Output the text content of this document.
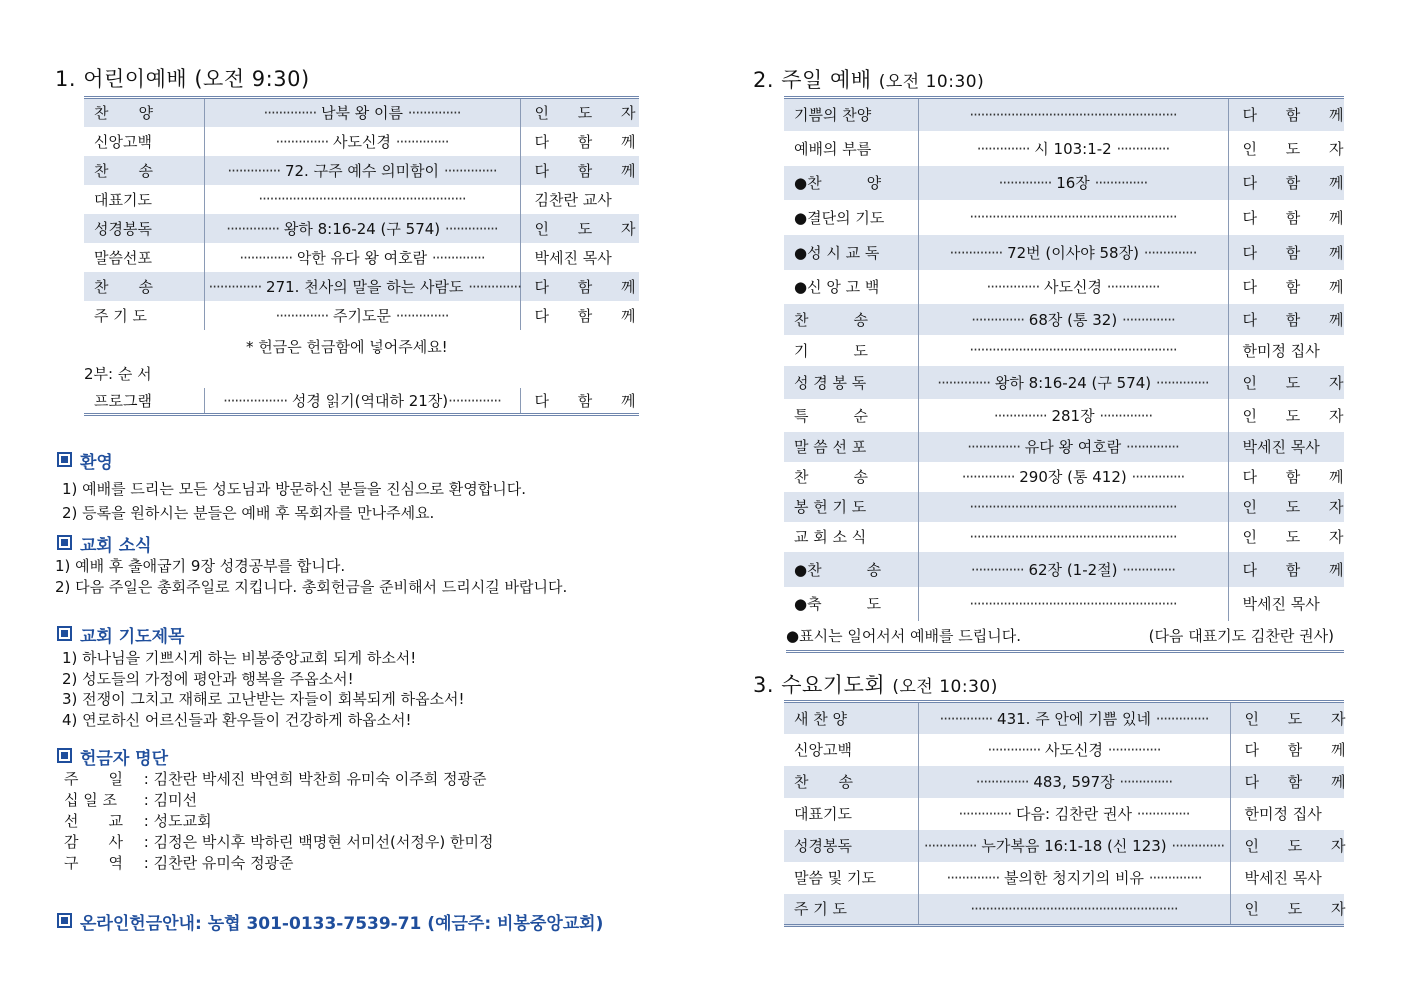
1. 어린이예배 (오전 9:30)
찬　　양	·············· 남북 왕 이름 ··············	인 도 자
신앙고백	·············· 사도신경 ··············	다 함 께
찬　　송	·············· 72. 구주 예수 의미함이 ··············	다 함 께
대표기도	·······················································	김찬란 교사
성경봉독	·············· 왕하 8:16-24 (구 574) ··············	인 도 자
말씀선포	·············· 악한 유다 왕 여호람 ··············	박세진 목사
찬　　송	·············· 271. 천사의 말을 하는 사람도 ··············	다 함 께
주 기 도	·············· 주기도문 ··············	다 함 께
* 헌금은 헌금함에 넣어주세요!
2부: 순 서
프로그램	················· 성경 읽기(역대하 21장)··············	다 함 께
환영
1) 예배를 드리는 모든 성도님과 방문하신 분들을 진심으로 환영합니다.
2) 등록을 원하시는 분들은 예배 후 목회자를 만나주세요.
교회 소식
1) 예배 후 출애굽기 9장 성경공부를 합니다.
2) 다음 주일은 총회주일로 지킵니다. 총회헌금을 준비해서 드리시길 바랍니다.
교회 기도제목
1) 하나님을 기쁘시게 하는 비봉중앙교회 되게 하소서!
2) 성도들의 가정에 평안과 행복을 주옵소서!
3) 전쟁이 그치고 재해로 고난받는 자들이 회복되게 하옵소서!
4) 연로하신 어르신들과 환우들이 건강하게 하옵소서!
헌금자 명단
주　　일 : 김찬란 박세진 박연희 박찬희 유미숙 이주희 정광준
십 일 조 : 김미선
선　　교 : 성도교회
감　　사 : 김정은 박시후 박하린 백명현 서미선(서정우) 한미정
구　　역 : 김찬란 유미숙 정광준
온라인헌금안내: 농협 301-0133-7539-71 (예금주: 비봉중앙교회)
2. 주일 예배 (오전 10:30)
기쁨의 찬양	·······················································	다 함 께
예배의 부름	·············· 시 103:1-2 ··············	인 도 자
●찬　　　양	·············· 16장 ··············	다 함 께
●결단의 기도	·······················································	다 함 께
●성 시 교 독	·············· 72번 (이사야 58장) ··············	다 함 께
●신 앙 고 백	·············· 사도신경 ··············	다 함 께
찬　　　송	·············· 68장 (통 32) ··············	다 함 께
기　　　도	·······················································	한미정 집사
성 경 봉 독	·············· 왕하 8:16-24 (구 574) ··············	인 도 자
특　　　순	·············· 281장 ··············	인 도 자
말 씀 선 포	·············· 유다 왕 여호람 ··············	박세진 목사
찬　　　송	·············· 290장 (통 412) ··············	다 함 께
봉 헌 기 도	·······················································	인 도 자
교 회 소 식	·······················································	인 도 자
●찬　　　송	·············· 62장 (1-2절) ··············	다 함 께
●축　　　도	·······················································	박세진 목사
●표시는 일어서서 예배를 드립니다.	(다음 대표기도 김찬란 권사)
3. 수요기도회 (오전 10:30)
새 찬 양	·············· 431. 주 안에 기쁨 있네 ··············	인 도 자
신앙고백	·············· 사도신경 ··············	다 함 께
찬　　송	·············· 483, 597장 ··············	다 함 께
대표기도	·············· 다음: 김찬란 권사 ··············	한미정 집사
성경봉독	·············· 누가복음 16:1-18 (신 123) ··············	인 도 자
말씀 및 기도	·············· 불의한 청지기의 비유 ··············	박세진 목사
주 기 도	·······················································	인 도 자
